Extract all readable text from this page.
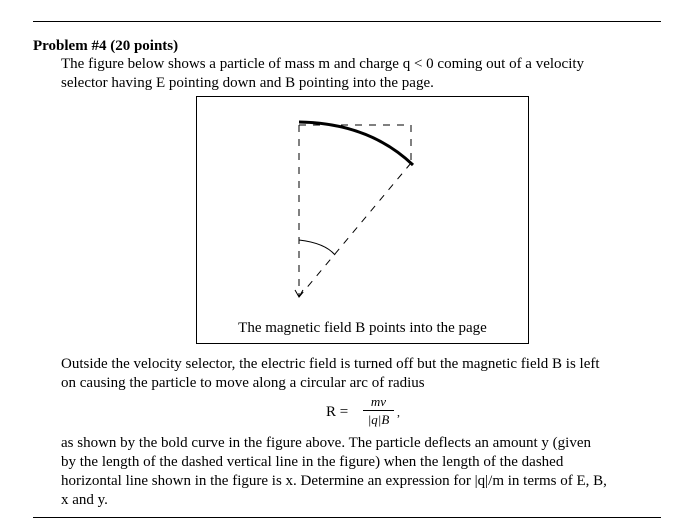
Problem #4 (20 points)
The figure below shows a particle of mass m and charge q < 0 coming out of a velocity
selector having E pointing down and B pointing into the page.
The magnetic field B points into the page
Outside the velocity selector, the electric field is turned off but the magnetic field B is left
on causing the particle to move along a circular arc of radius
R =
mv
|q|B ,
as shown by the bold curve in the figure above. The particle deflects an amount y (given
by the length of the dashed vertical line in the figure) when the length of the dashed
horizontal line shown in the figure is x. Determine an expression for |q|/m in terms of E, B,
x and y.
